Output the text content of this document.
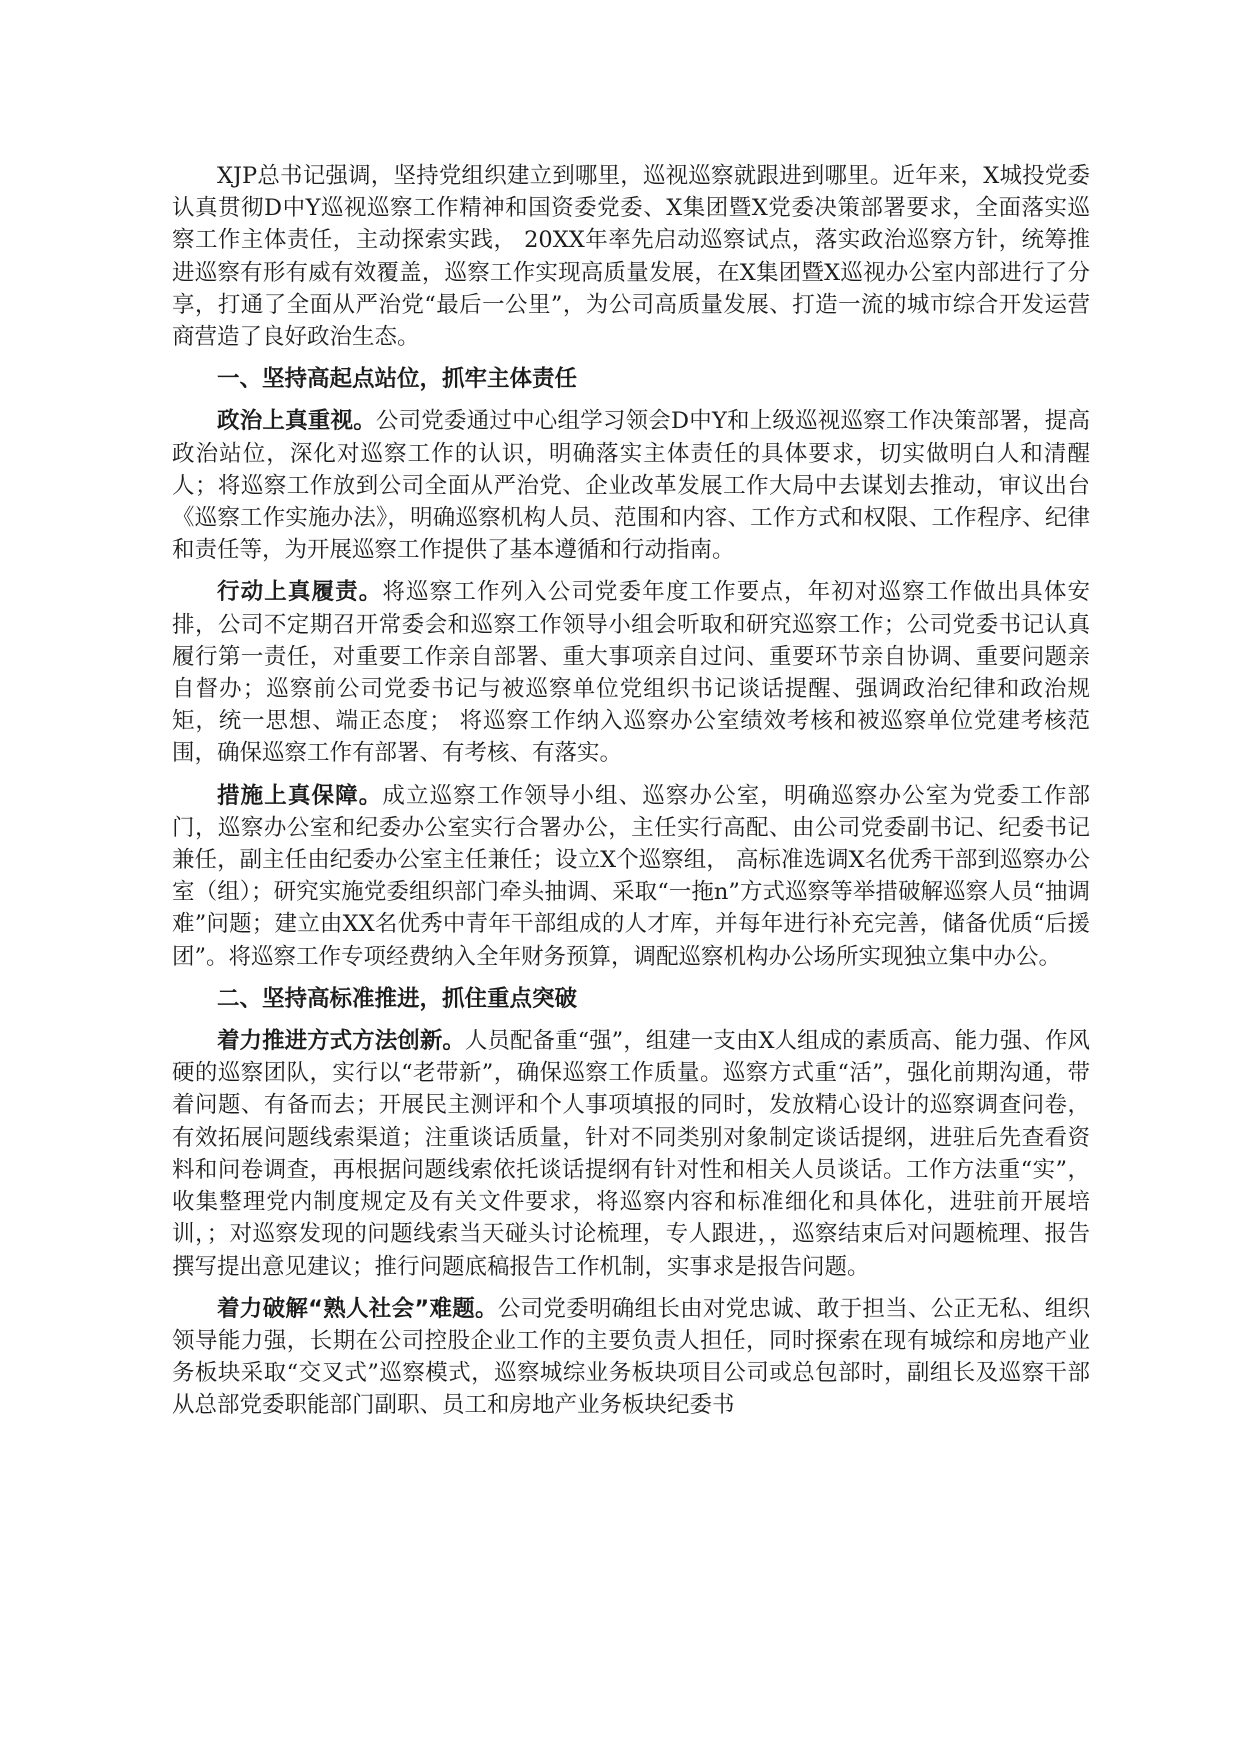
XJP总书记强调，坚持党组织建立到哪里，巡视巡察就跟进到哪里。近年来，X城投党委认真贯彻D中Y巡视巡察工作精神和国资委党委、X集团暨X党委决策部署要求，全面落实巡察工作主体责任，主动探索实践， 20XX年率先启动巡察试点，落实政治巡察方针，统筹推进巡察有形有威有效覆盖，巡察工作实现高质量发展，在X集团暨X巡视办公室内部进行了分享，打通了全面从严治党“最后一公里”，为公司高质量发展、打造一流的城市综合开发运营商营造了良好政治生态。

一、坚持高起点站位，抓牢主体责任

政治上真重视。公司党委通过中心组学习领会D中Y和上级巡视巡察工作决策部署，提高政治站位，深化对巡察工作的认识，明确落实主体责任的具体要求，切实做明白人和清醒人；将巡察工作放到公司全面从严治党、企业改革发展工作大局中去谋划去推动，审议出台《巡察工作实施办法》，明确巡察机构人员、范围和内容、工作方式和权限、工作程序、纪律和责任等，为开展巡察工作提供了基本遵循和行动指南。

行动上真履责。将巡察工作列入公司党委年度工作要点，年初对巡察工作做出具体安排，公司不定期召开常委会和巡察工作领导小组会听取和研究巡察工作；公司党委书记认真履行第一责任，对重要工作亲自部署、重大事项亲自过问、重要环节亲自协调、重要问题亲自督办；巡察前公司党委书记与被巡察单位党组织书记谈话提醒、强调政治纪律和政治规矩，统一思想、端正态度； 将巡察工作纳入巡察办公室绩效考核和被巡察单位党建考核范围，确保巡察工作有部署、有考核、有落实。

措施上真保障。成立巡察工作领导小组、巡察办公室，明确巡察办公室为党委工作部门，巡察办公室和纪委办公室实行合署办公，主任实行高配、由公司党委副书记、纪委书记兼任，副主任由纪委办公室主任兼任；设立X个巡察组， 高标准选调X名优秀干部到巡察办公室（组）；研究实施党委组织部门牵头抽调、采取“一拖n”方式巡察等举措破解巡察人员“抽调难”问题；建立由XX名优秀中青年干部组成的人才库，并每年进行补充完善，储备优质“后援团”。将巡察工作专项经费纳入全年财务预算，调配巡察机构办公场所实现独立集中办公。

二、坚持高标准推进，抓住重点突破

着力推进方式方法创新。人员配备重“强”，组建一支由X人组成的素质高、能力强、作风硬的巡察团队，实行以“老带新”，确保巡察工作质量。巡察方式重“活”，强化前期沟通，带着问题、有备而去；开展民主测评和个人事项填报的同时，发放精心设计的巡察调查问卷，有效拓展问题线索渠道；注重谈话质量，针对不同类别对象制定谈话提纲，进驻后先查看资料和问卷调查，再根据问题线索依托谈话提纲有针对性和相关人员谈话。工作方法重“实”，收集整理党内制度规定及有关文件要求，将巡察内容和标准细化和具体化，进驻前开展培训，；对巡察发现的问题线索当天碰头讨论梳理，专人跟进，，巡察结束后对问题梳理、报告撰写提出意见建议；推行问题底稿报告工作机制，实事求是报告问题。

着力破解“熟人社会”难题。公司党委明确组长由对党忠诚、敢于担当、公正无私、组织领导能力强，长期在公司控股企业工作的主要负责人担任，同时探索在现有城综和房地产业务板块采取“交叉式”巡察模式，巡察城综业务板块项目公司或总包部时，副组长及巡察干部从总部党委职能部门副职、员工和房地产业务板块纪委书
